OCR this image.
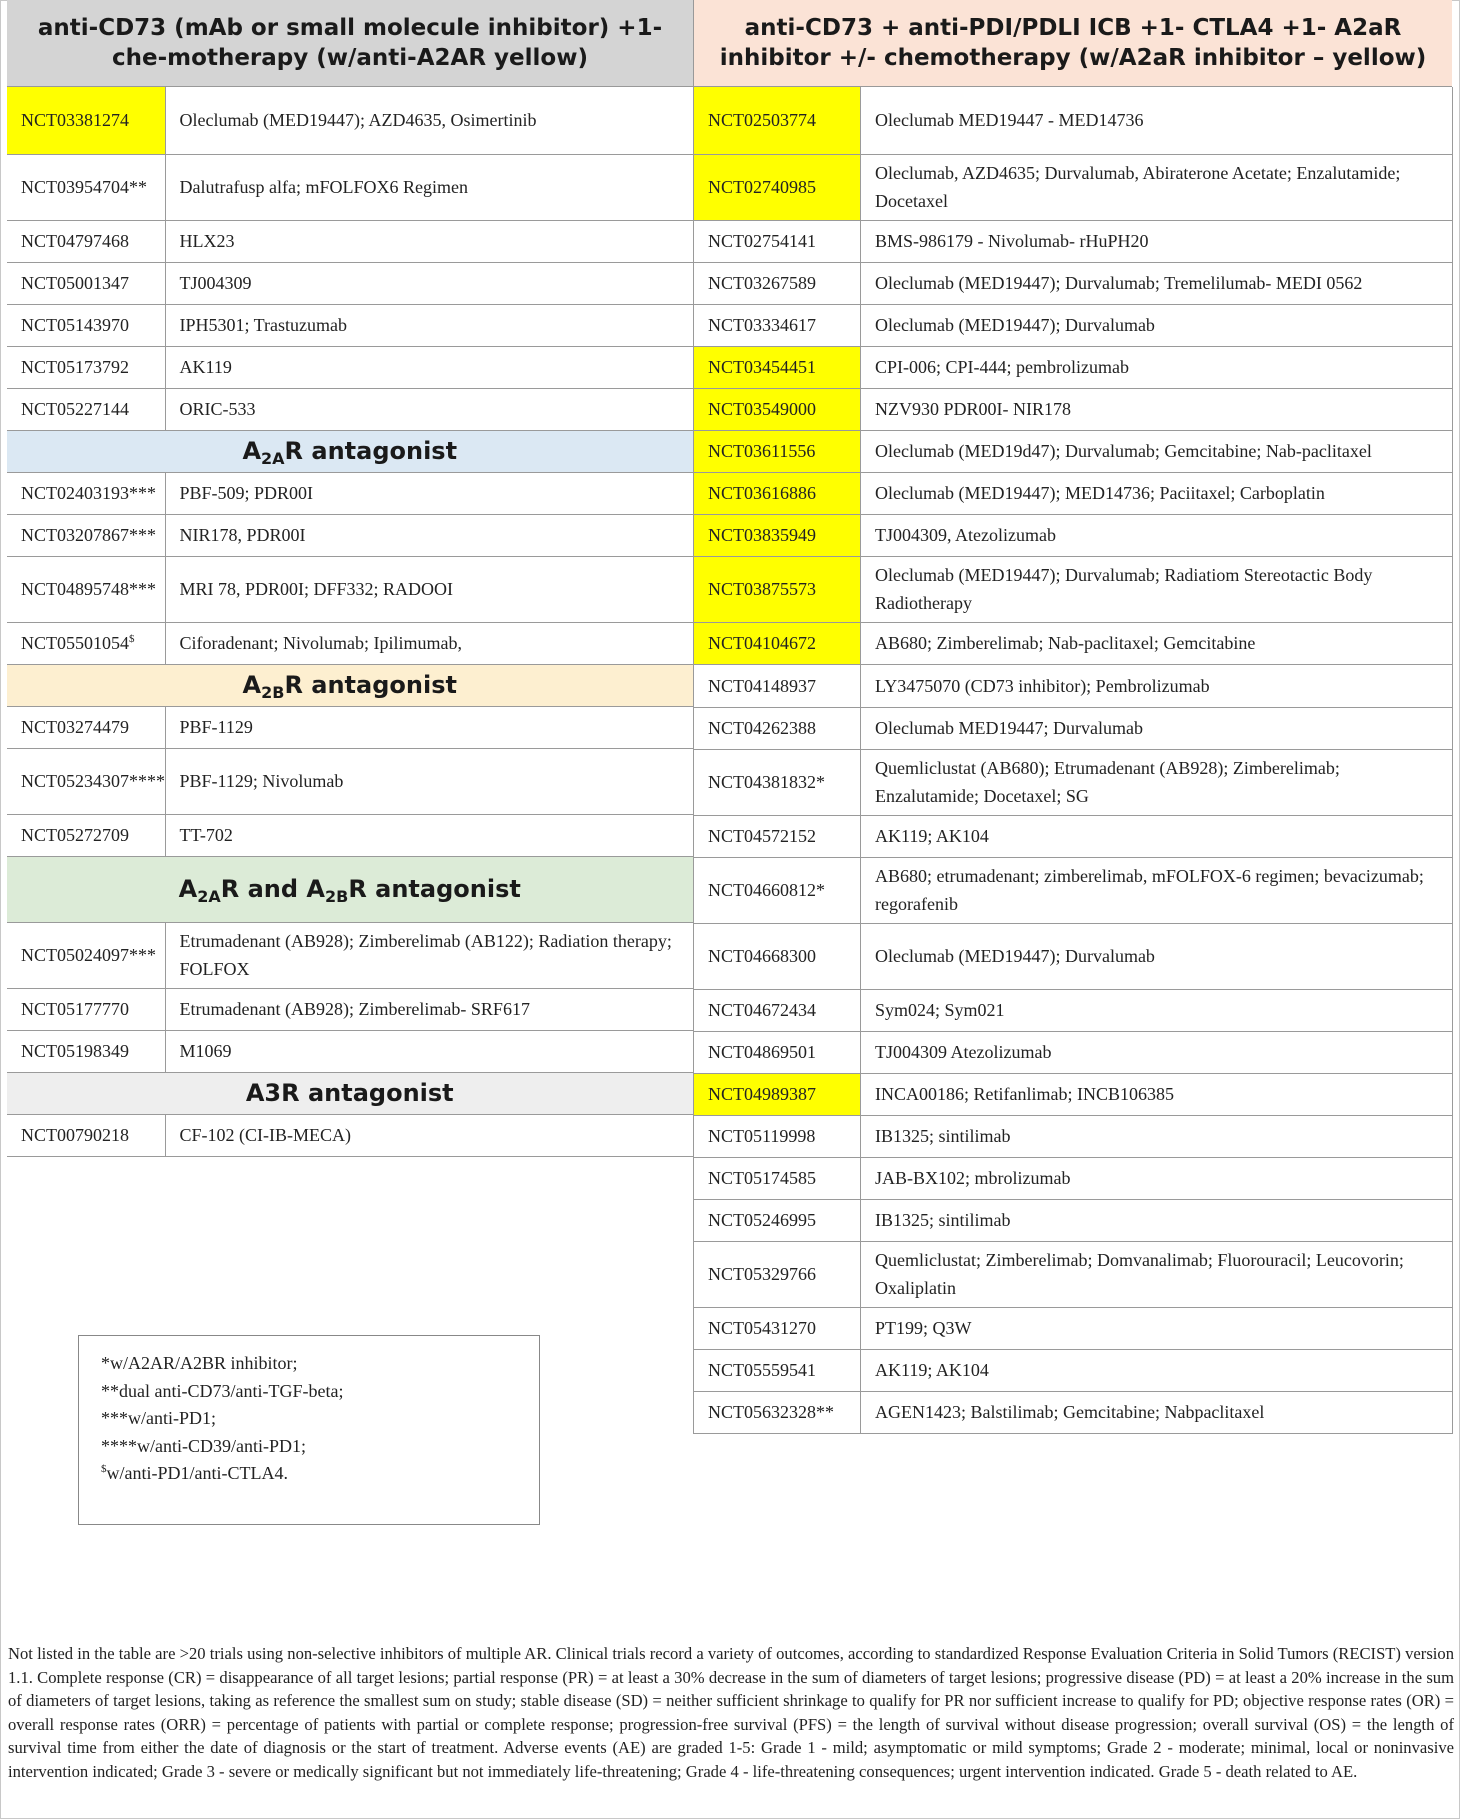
anti-CD73 (mAb or small molecule inhibitor) +1- che-motherapy (w/anti-A2AR yellow)
anti-CD73 + anti-PDI/PDLI ICB +1- CTLA4 +1- A2aR inhibitor +/- chemotherapy (w/A2aR inhibitor – yellow)
NCT03381274	Oleclumab (MED19447); AZD4635, Osimertinib
NCT03954704**	Dalutrafusp alfa; mFOLFOX6 Regimen
NCT04797468	HLX23
NCT05001347	TJ004309
NCT05143970	IPH5301; Trastuzumab
NCT05173792	AK119
NCT05227144	ORIC-533
$A_{2A}R$ antagonist	
NCT02403193***	PBF-509; PDR00I
NCT03207867***	NIR178, PDR00I
NCT04895748***	MRI 78, PDR00I; DFF332; RADOOI
NCT05501054$	Ciforadenant; Nivolumab; Ipilimumab,
$A_{2B}R$ antagonist	
NCT03274479	PBF-1129
NCT05234307****	PBF-1129; Nivolumab
NCT05272709	TT-702
$A_{2A}R$ and $A_{2B}R$ antagonist	
NCT05024097***	Etrumadenant (AB928); Zimberelimab (AB122); Radiation therapy; FOLFOX
NCT05177770	Etrumadenant (AB928); Zimberelimab- SRF617
NCT05198349	M1069
A3R antagonist	
NCT00790218	CF-102 (CI-IB-MECA)
NCT02503774	Oleclumab MED19447 - MED14736
NCT02740985	Oleclumab, AZD4635; Durvalumab, Abiraterone Acetate; Enzalutamide; Docetaxel
NCT02754141	BMS-986179 - Nivolumab- rHuPH20
NCT03267589	Oleclumab (MED19447); Durvalumab; Tremelilumab- MEDI 0562
NCT03334617	Oleclumab (MED19447); Durvalumab
NCT03454451	CPI-006; CPI-444; pembrolizumab
NCT03549000	NZV930 PDR00I- NIR178
NCT03611556	Oleclumab (MED19d47); Durvalumab; Gemcitabine; Nab-paclitaxel
NCT03616886	Oleclumab (MED19447); MED14736; Paciitaxel; Carboplatin
NCT03835949	TJ004309, Atezolizumab
NCT03875573	Oleclumab (MED19447); Durvalumab; Radiatiom Stereotactic Body Radiotherapy
NCT04104672	AB680; Zimberelimab; Nab-paclitaxel; Gemcitabine
NCT04148937	LY3475070 (CD73 inhibitor); Pembrolizumab
NCT04262388	Oleclumab MED19447; Durvalumab
NCT04381832*	Quemliclustat (AB680); Etrumadenant (AB928); Zimberelimab; Enzalutamide; Docetaxel; SG
NCT04572152	AK119; AK104
NCT04660812*	AB680; etrumadenant; zimberelimab, mFOLFOX-6 regimen; bevacizumab; regorafenib
NCT04668300	Oleclumab (MED19447); Durvalumab
NCT04672434	Sym024; Sym021
NCT04869501	TJ004309 Atezolizumab
NCT04989387	INCA00186; Retifanlimab; INCB106385
NCT05119998	IB1325; sintilimab
NCT05174585	JAB-BX102; mbrolizumab
NCT05246995	IB1325; sintilimab
NCT05329766	Quemliclustat; Zimberelimab; Domvanalimab; Fluorouracil; Leucovorin; Oxaliplatin
NCT05431270	PT199; Q3W
NCT05559541	AK119; AK104
NCT05632328**	AGEN1423; Balstilimab; Gemcitabine; Nabpaclitaxel
*w/A2AR/A2BR inhibitor;
**dual anti-CD73/anti-TGF-beta;
***w/anti-PD1;
****w/anti-CD39/anti-PD1;
$w/anti-PD1/anti-CTLA4.
Not listed in the table are >20 trials using non-selective inhibitors of multiple AR. Clinical trials record a variety of outcomes, according to standardized Response Evaluation Criteria in Solid Tumors (RECIST) version 1.1. Complete response (CR) = disappearance of all target lesions; partial response (PR) = at least a 30% decrease in the sum of diameters of target lesions; progressive disease (PD) = at least a 20% increase in the sum of diameters of target lesions, taking as reference the smallest sum on study; stable disease (SD) = neither sufficient shrinkage to qualify for PR nor sufficient increase to qualify for PD; objective response rates (OR) = overall response rates (ORR) = percentage of patients with partial or complete response; progression-free survival (PFS) = the length of survival without disease progression; overall survival (OS) = the length of survival time from either the date of diagnosis or the start of treatment. Adverse events (AE) are graded 1-5: Grade 1 - mild; asymptomatic or mild symptoms; Grade 2 - moderate; minimal, local or noninvasive intervention indicated; Grade 3 - severe or medically significant but not immediately life-threatening; Grade 4 - life-threatening consequences; urgent intervention indicated. Grade 5 - death related to AE.
